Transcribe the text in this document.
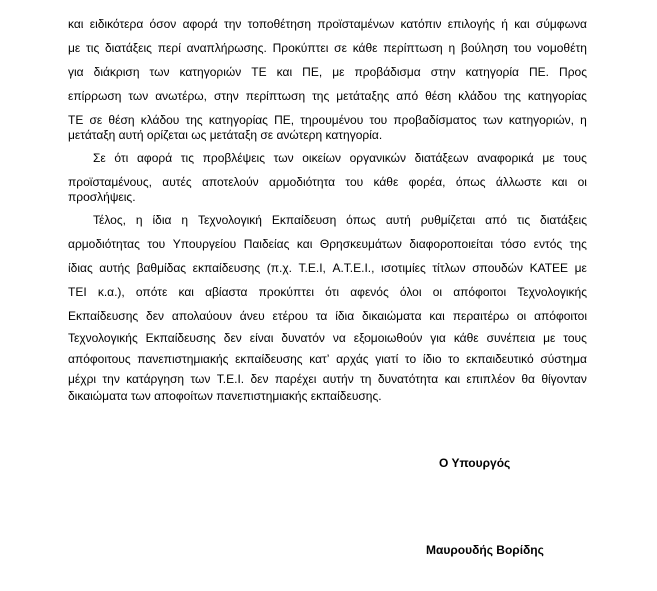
και ειδικότερα όσον αφορά την τοποθέτηση προϊσταμένων κατόπιν επιλογής ή και σύμφωνα
με τις διατάξεις περί αναπλήρωσης. Προκύπτει σε κάθε περίπτωση η βούληση του νομοθέτη
για διάκριση των κατηγοριών ΤΕ και ΠΕ, με προβάδισμα στην κατηγορία ΠΕ. Προς
επίρρωση των ανωτέρω, στην περίπτωση της μετάταξης από θέση κλάδου της κατηγορίας
ΤΕ σε θέση κλάδου της κατηγορίας ΠΕ, τηρουμένου του προβαδίσματος των κατηγοριών, η
μετάταξη αυτή ορίζεται ως μετάταξη σε ανώτερη κατηγορία.
Σε ότι αφορά τις προβλέψεις των οικείων οργανικών διατάξεων αναφορικά με τους
προϊσταμένους, αυτές αποτελούν αρμοδιότητα του κάθε φορέα, όπως άλλωστε και οι
προσλήψεις.
Τέλος, η ίδια η Τεχνολογική Εκπαίδευση όπως αυτή ρυθμίζεται από τις διατάξεις
αρμοδιότητας του Υπουργείου Παιδείας και Θρησκευμάτων διαφοροποιείται τόσο εντός της
ίδιας αυτής βαθμίδας εκπαίδευσης (π.χ. Τ.Ε.Ι, Α.Τ.Ε.Ι., ισοτιμίες τίτλων σπουδών ΚΑΤΕΕ με
ΤΕΙ κ.α.), οπότε και αβίαστα προκύπτει ότι αφενός όλοι οι απόφοιτοι Τεχνολογικής
Εκπαίδευσης δεν απολαύουν άνευ ετέρου τα ίδια δικαιώματα και περαιτέρω οι απόφοιτοι
Τεχνολογικής Εκπαίδευσης δεν είναι δυνατόν να εξομοιωθούν για κάθε συνέπεια με τους
απόφοιτους πανεπιστημιακής εκπαίδευσης κατ’ αρχάς γιατί το ίδιο το εκπαιδευτικό σύστημα
μέχρι την κατάργηση των Τ.Ε.Ι. δεν παρέχει αυτήν τη δυνατότητα και επιπλέον θα θίγονταν
δικαιώματα των αποφοίτων πανεπιστημιακής εκπαίδευσης.
Ο Υπουργός
Μαυρουδής Βορίδης
